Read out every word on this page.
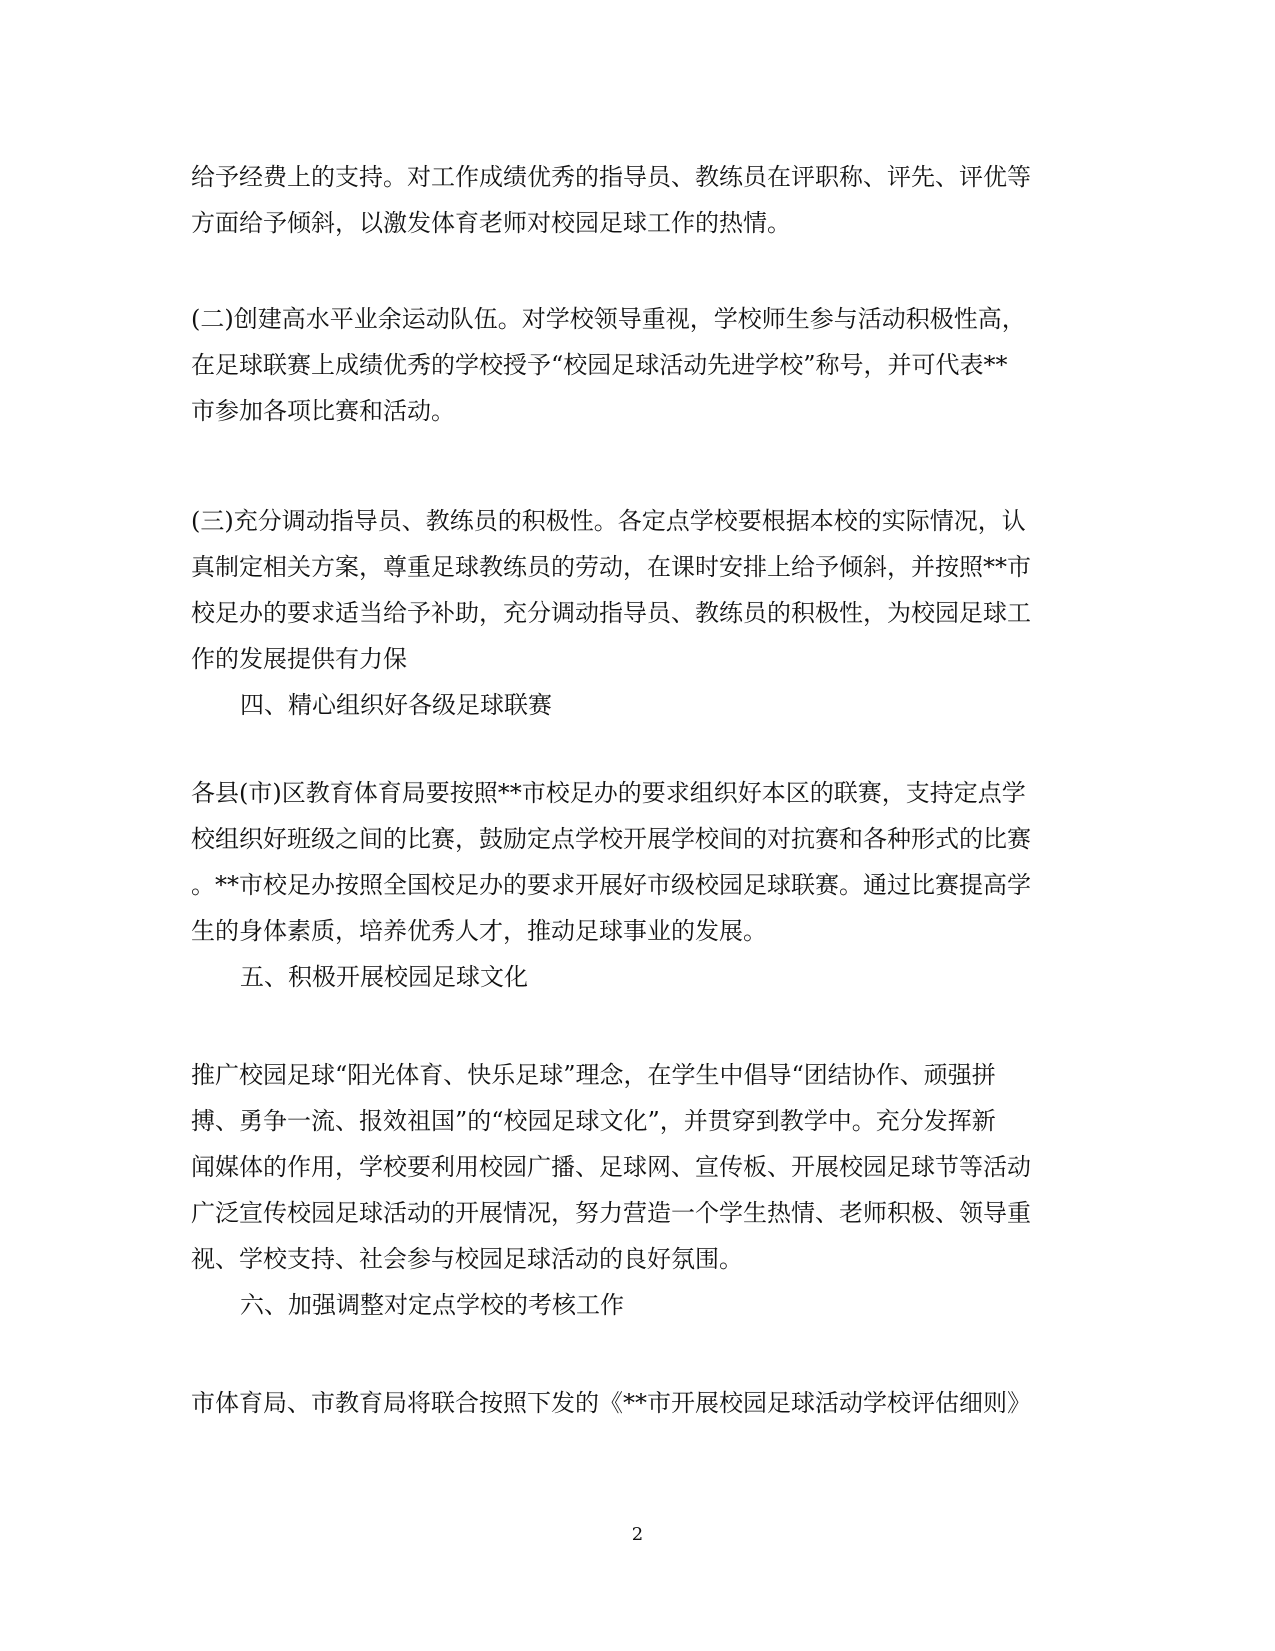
给予经费上的支持。对工作成绩优秀的指导员、教练员在评职称、评先、评优等
方面给予倾斜，以激发体育老师对校园足球工作的热情。
(二)创建高水平业余运动队伍。对学校领导重视，学校师生参与活动积极性高，
在足球联赛上成绩优秀的学校授予“校园足球活动先进学校”称号，并可代表**
市参加各项比赛和活动。
(三)充分调动指导员、教练员的积极性。各定点学校要根据本校的实际情况，认
真制定相关方案，尊重足球教练员的劳动，在课时安排上给予倾斜，并按照**市
校足办的要求适当给予补助，充分调动指导员、教练员的积极性，为校园足球工
作的发展提供有力保
四、精心组织好各级足球联赛
各县(市)区教育体育局要按照**市校足办的要求组织好本区的联赛，支持定点学
校组织好班级之间的比赛，鼓励定点学校开展学校间的对抗赛和各种形式的比赛
。**市校足办按照全国校足办的要求开展好市级校园足球联赛。通过比赛提高学
生的身体素质，培养优秀人才，推动足球事业的发展。
五、积极开展校园足球文化
推广校园足球“阳光体育、快乐足球”理念，在学生中倡导“团结协作、顽强拼
搏、勇争一流、报效祖国”的“校园足球文化”，并贯穿到教学中。充分发挥新
闻媒体的作用，学校要利用校园广播、足球网、宣传板、开展校园足球节等活动
广泛宣传校园足球活动的开展情况，努力营造一个学生热情、老师积极、领导重
视、学校支持、社会参与校园足球活动的良好氛围。
六、加强调整对定点学校的考核工作
市体育局、市教育局将联合按照下发的《**市开展校园足球活动学校评估细则》
2
